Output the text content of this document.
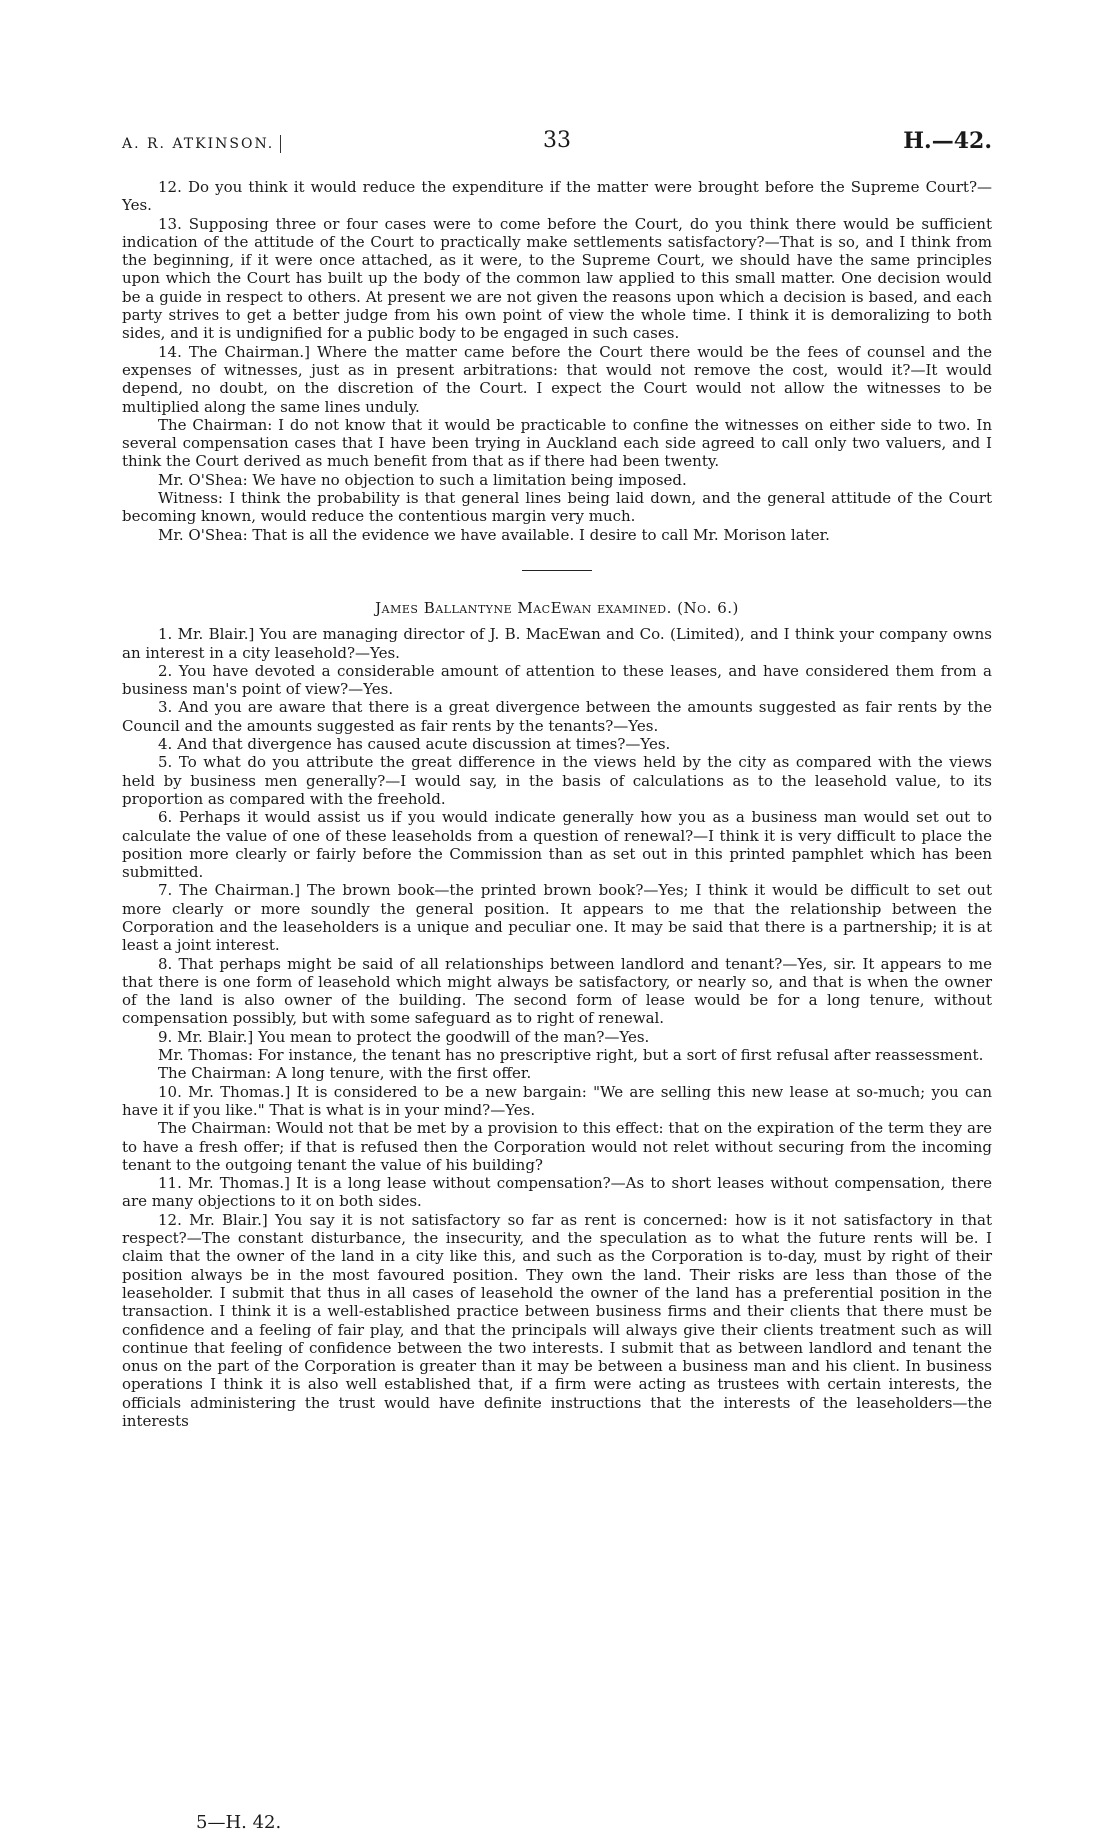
A. R. ATKINSON.	33	H.—42.

12. Do you think it would reduce the expenditure if the matter were brought before the Supreme Court?—Yes.

13. Supposing three or four cases were to come before the Court, do you think there would be sufficient indication of the attitude of the Court to practically make settlements satisfactory?—That is so, and I think from the beginning, if it were once attached, as it were, to the Supreme Court, we should have the same principles upon which the Court has built up the body of the common law applied to this small matter. One decision would be a guide in respect to others. At present we are not given the reasons upon which a decision is based, and each party strives to get a better judge from his own point of view the whole time. I think it is demoralizing to both sides, and it is undignified for a public body to be engaged in such cases.

14. The Chairman.] Where the matter came before the Court there would be the fees of counsel and the expenses of witnesses, just as in present arbitrations: that would not remove the cost, would it?—It would depend, no doubt, on the discretion of the Court. I expect the Court would not allow the witnesses to be multiplied along the same lines unduly.

The Chairman: I do not know that it would be practicable to confine the witnesses on either side to two. In several compensation cases that I have been trying in Auckland each side agreed to call only two valuers, and I think the Court derived as much benefit from that as if there had been twenty.

Mr. O'Shea: We have no objection to such a limitation being imposed.

Witness: I think the probability is that general lines being laid down, and the general attitude of the Court becoming known, would reduce the contentious margin very much.

Mr. O'Shea: That is all the evidence we have available. I desire to call Mr. Morison later.

James Ballantyne MacEwan examined. (No. 6.)

1. Mr. Blair.] You are managing director of J. B. MacEwan and Co. (Limited), and I think your company owns an interest in a city leasehold?—Yes.

2. You have devoted a considerable amount of attention to these leases, and have considered them from a business man's point of view?—Yes.

3. And you are aware that there is a great divergence between the amounts suggested as fair rents by the Council and the amounts suggested as fair rents by the tenants?—Yes.

4. And that divergence has caused acute discussion at times?—Yes.

5. To what do you attribute the great difference in the views held by the city as compared with the views held by business men generally?—I would say, in the basis of calculations as to the leasehold value, to its proportion as compared with the freehold.

6. Perhaps it would assist us if you would indicate generally how you as a business man would set out to calculate the value of one of these leaseholds from a question of renewal?—I think it is very difficult to place the position more clearly or fairly before the Commission than as set out in this printed pamphlet which has been submitted.

7. The Chairman.] The brown book—the printed brown book?—Yes; I think it would be difficult to set out more clearly or more soundly the general position. It appears to me that the relationship between the Corporation and the leaseholders is a unique and peculiar one. It may be said that there is a partnership; it is at least a joint interest.

8. That perhaps might be said of all relationships between landlord and tenant?—Yes, sir. It appears to me that there is one form of leasehold which might always be satisfactory, or nearly so, and that is when the owner of the land is also owner of the building. The second form of lease would be for a long tenure, without compensation possibly, but with some safeguard as to right of renewal.

9. Mr. Blair.] You mean to protect the goodwill of the man?—Yes.

Mr. Thomas: For instance, the tenant has no prescriptive right, but a sort of first refusal after reassessment.

The Chairman: A long tenure, with the first offer.

10. Mr. Thomas.] It is considered to be a new bargain: "We are selling this new lease at so-much; you can have it if you like." That is what is in your mind?—Yes.

The Chairman: Would not that be met by a provision to this effect: that on the expiration of the term they are to have a fresh offer; if that is refused then the Corporation would not relet without securing from the incoming tenant to the outgoing tenant the value of his building?

11. Mr. Thomas.] It is a long lease without compensation?—As to short leases without compensation, there are many objections to it on both sides.

12. Mr. Blair.] You say it is not satisfactory so far as rent is concerned: how is it not satisfactory in that respect?—The constant disturbance, the insecurity, and the speculation as to what the future rents will be. I claim that the owner of the land in a city like this, and such as the Corporation is to-day, must by right of their position always be in the most favoured position. They own the land. Their risks are less than those of the leaseholder. I submit that thus in all cases of leasehold the owner of the land has a preferential position in the transaction. I think it is a well-established practice between business firms and their clients that there must be confidence and a feeling of fair play, and that the principals will always give their clients treatment such as will continue that feeling of confidence between the two interests. I submit that as between landlord and tenant the onus on the part of the Corporation is greater than it may be between a business man and his client. In business operations I think it is also well established that, if a firm were acting as trustees with certain interests, the officials administering the trust would have definite instructions that the interests of the leaseholders—the interests

5—H. 42.
